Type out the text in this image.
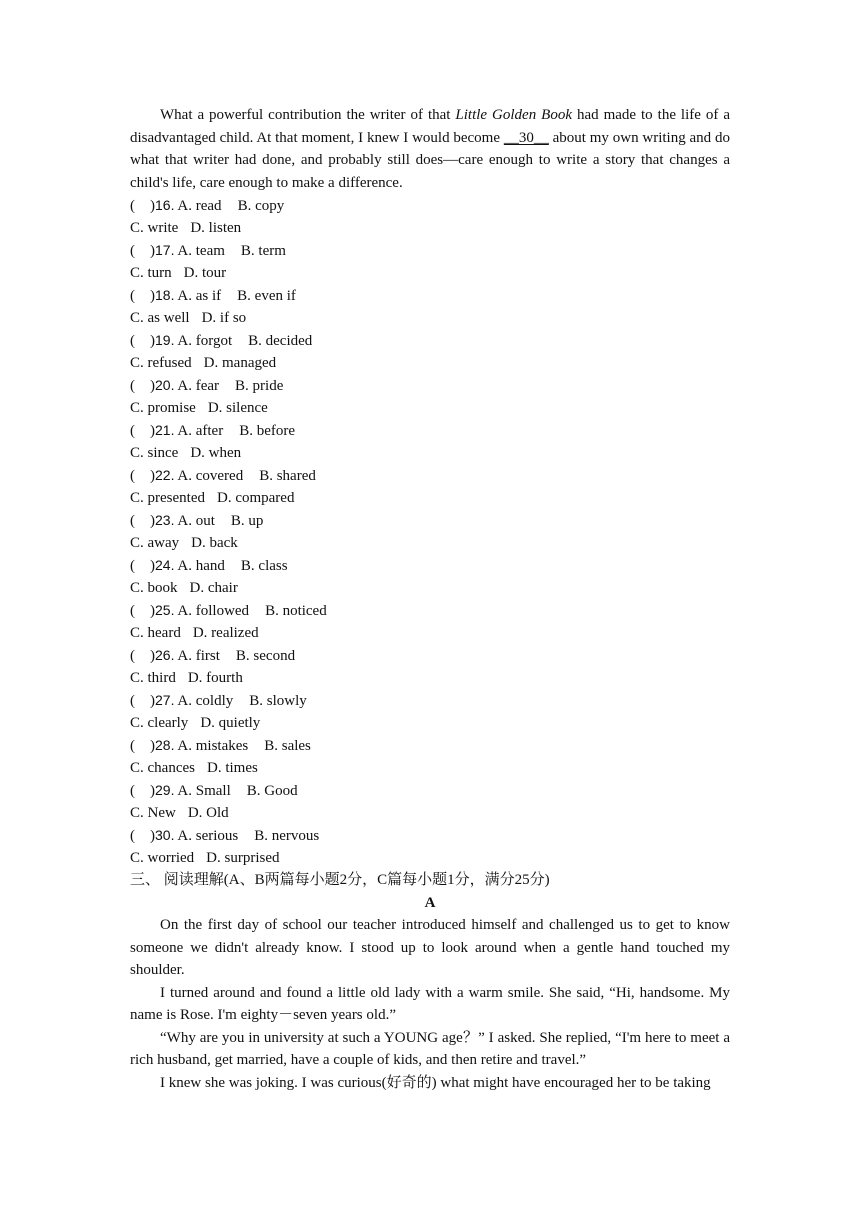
What a powerful contribution the writer of that Little Golden Book had made to the life of a disadvantaged child. At that moment, I knew I would become __30__ about my own writing and do what that writer had done, and probably still does—care enough to write a story that changes a child's life, care enough to make a difference.

(    )16. A. read B. copy
C. write D. listen
(    )17. A. team B. term
C. turn D. tour
(    )18. A. as if B. even if
C. as well D. if so
(    )19. A. forgot B. decided
C. refused D. managed
(    )20. A. fear B. pride
C. promise D. silence
(    )21. A. after B. before
C. since D. when
(    )22. A. covered B. shared
C. presented D. compared
(    )23. A. out B. up
C. away D. back
(    )24. A. hand B. class
C. book D. chair
(    )25. A. followed B. noticed
C. heard D. realized
(    )26. A. first B. second
C. third D. fourth
(    )27. A. coldly B. slowly
C. clearly D. quietly
(    )28. A. mistakes B. sales
C. chances D. times
(    )29. A. Small B. Good
C. New D. Old
(    )30. A. serious B. nervous
C. worried D. surprised
三、 阅读理解(A、B两篇每小题2分，C篇每小题1分，满分25分)
A

On the first day of school our teacher introduced himself and challenged us to get to know someone we didn't already know. I stood up to look around when a gentle hand touched my shoulder.

I turned around and found a little old lady with a warm smile. She said, “Hi, handsome. My name is Rose. I'm eighty－seven years old.”

“Why are you in university at such a YOUNG age？” I asked. She replied, “I'm here to meet a rich husband, get married, have a couple of kids, and then retire and travel.”

I knew she was joking. I was curious(好奇的) what might have encouraged her to be taking
